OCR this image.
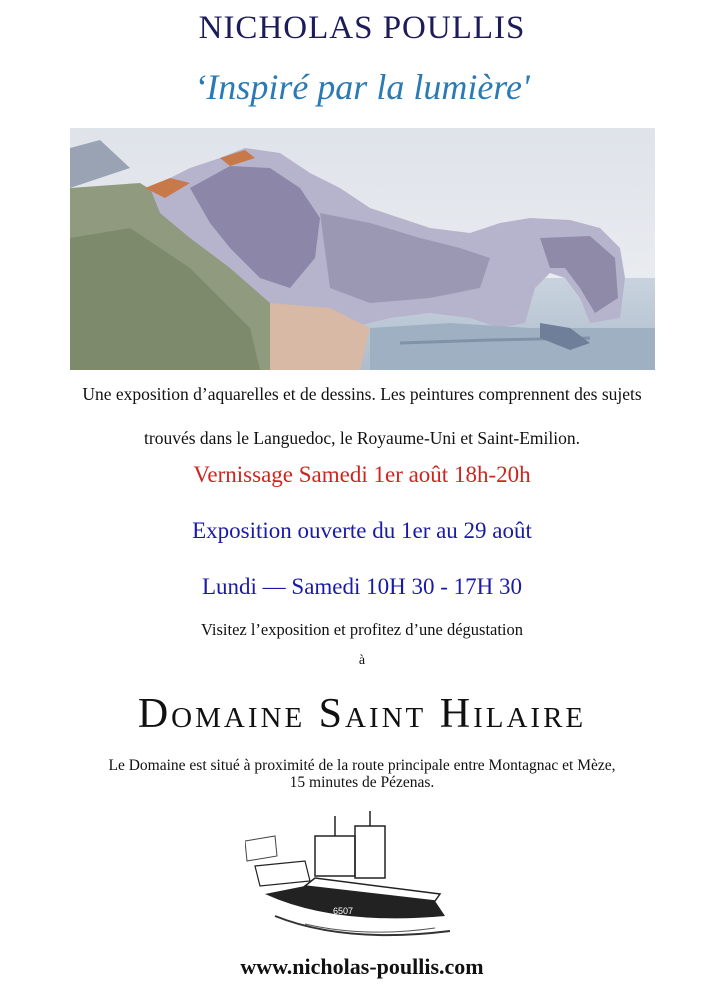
NICHOLAS POULLIS
‘Inspiré par la lumière'
Une exposition d’aquarelles et de dessins. Les peintures comprennent des sujets
trouvés dans le Languedoc, le Royaume-Uni et Saint-Emilion.
Vernissage Samedi 1er août 18h-20h
Exposition ouverte du 1er au 29 août
Lundi — Samedi 10H 30 - 17H 30
Visitez l’exposition et profitez d’une dégustation
à
Domaine Saint Hilaire
Le Domaine est situé à proximité de la route principale entre Montagnac et Mèze,
15 minutes de Pézenas.
6507
www.nicholas-poullis.com
